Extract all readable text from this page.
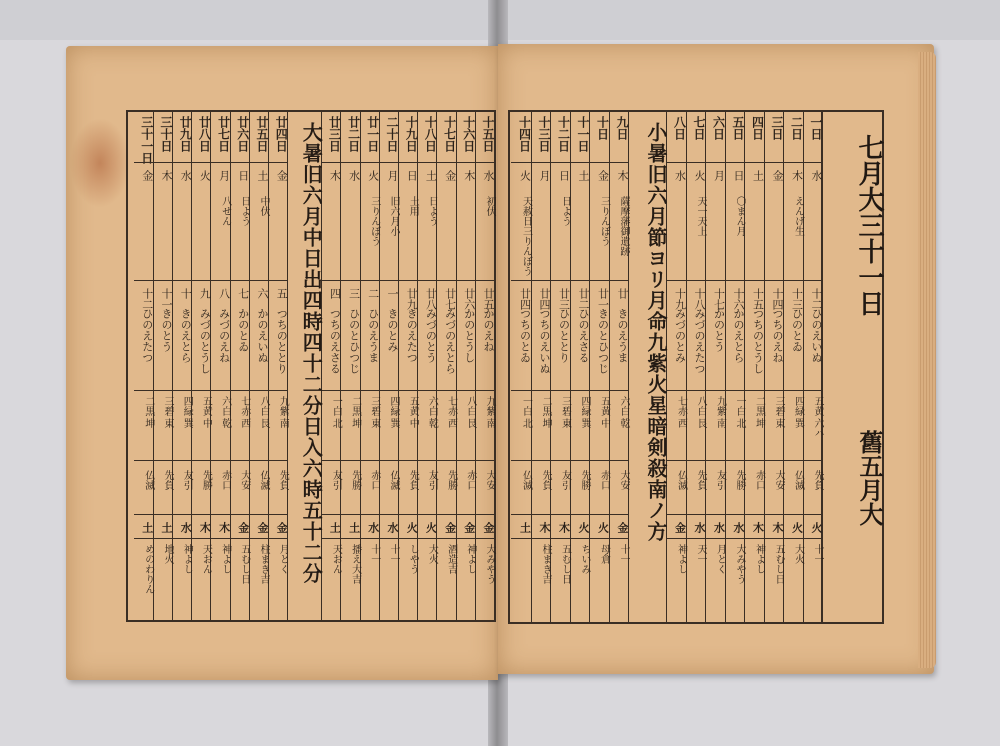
十五日
水
初伏
廿五
かのえね
九紫
南
大安
金
大みやう
十六日
木
廿六
かのとうし
八白
艮
赤口
金
神よし
十七日
金
廿七
みづのえとら
七赤
西
先勝
金
酒造吉
十八日
土
日よう
廿八
みづのとう
六白
乾
友引
火
大火
十九日
日
土用
廿九
きのえたつ
五黄
中
先負
火
しやう
二十日
月
旧六月小
一
きのとみ
四緑
巽
仏滅
水
十一
廿一日
火
三りんぼう
二
ひのえうま
三碧
東
赤口
水
十一
廿二日
水
三
ひのとひつじ
二黒
坤
先勝
土
播え大吉
廿三日
木
四
つちのえさる
一白
北
友引
土
天おん
大暑旧六月中日出四時四十二分日入六時五十二分
廿四日
金
五
つちのととり
九紫
南
先負
金
月とく
廿五日
土
中伏
六
かのえいぬ
八白
艮
仏滅
金
柱まき吉
廿六日
日
日よう
七
かのとゐ
七赤
西
大安
金
五むし日
廿七日
月
八せん
八
みづのえね
六白
乾
赤口
木
神よし
廿八日
火
九
みづのとうし
五黄
中
先勝
木
天おん
廿九日
水
十
きのえとら
四緑
巽
友引
水
神よし
三十日
木
十一
きのとう
三碧
東
先負
土
地火
三十一日
金
十二
ひのえたつ
二黒
坤
仏滅
土
めのわりん
七月大三十一日
舊五月大
一日
水
十二
ひのえいぬ
五黄
六ハ
先負
火
十一
二日
木
えんげ生
十三
ひのとゐ
四緑
巽
仏滅
火
大火
三日
金
十四
つちのえね
三碧
東
大安
木
五むし日
四日
土
十五
つちのとうし
二黒
坤
赤口
木
神よし
五日
日
〇まん月
十六
かのえとら
一白
北
先勝
水
大みやう
六日
月
十七
かのとう
九紫
南
友引
水
月とく
七日
火
天一天上
十八
みづのえたつ
八白
艮
先負
水
天一
八日
水
十九
みづのとみ
七赤
西
仏滅
金
神よし
小暑旧六月節ヨリ月命九紫火星暗剣殺南ノ方
九日
木
薩摩藩御遺跡
廿
きのえうま
六白
乾
大安
金
十一
十日
金
三りんぼう
廿一
きのとひつじ
五黄
中
赤口
火
母倉
十一日
土
廿二
ひのえさる
四緑
巽
先勝
火
ちいみ
十二日
日
日よう
廿三
ひのととり
三碧
東
友引
木
五むし日
十三日
月
廿四
つちのえいぬ
二黒
坤
先負
木
柱まき吉
十四日
火
天赦日三りんぼう
廿四
つちのとゐ
一白
北
仏滅
土
